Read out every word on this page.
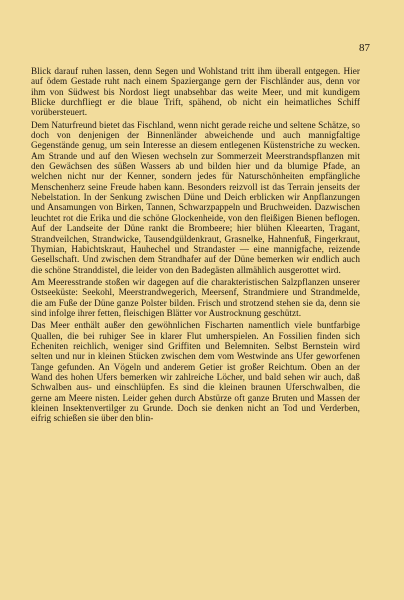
87

Blick darauf ruhen lassen, denn Segen und Wohlstand tritt ihm überall entgegen. Hier auf ödem Gestade ruht nach einem Spaziergange gern der Fischländer aus, denn vor ihm von Südwest bis Nordost liegt unabsehbar das weite Meer, und mit kundigem Blicke durchfliegt er die blaue Trift, spähend, ob nicht ein heimatliches Schiff vorübersteuert.

Dem Naturfreund bietet das Fischland, wenn nicht gerade reiche und seltene Schätze, so doch von denjenigen der Binnenländer abweichende und auch mannigfaltige Gegenstände genug, um sein Interesse an diesem entlegenen Küstenstriche zu wecken. Am Strande und auf den Wiesen wechseln zur Sommerzeit Meerstrandspflanzen mit den Gewächsen des süßen Wassers ab und bilden hier und da blumige Pfade, an welchen nicht nur der Kenner, sondern jedes für Naturschönheiten empfängliche Menschenherz seine Freude haben kann. Besonders reizvoll ist das Terrain jenseits der Nebelstation. In der Senkung zwischen Düne und Deich erblicken wir Anpflanzungen und Ansamungen von Birken, Tannen, Schwarzpappeln und Bruchweiden. Dazwischen leuchtet rot die Erika und die schöne Glockenheide, von den fleißigen Bienen beflogen. Auf der Landseite der Düne rankt die Brombeere; hier blühen Kleearten, Tragant, Strandveilchen, Strandwicke, Tausendgüldenkraut, Grasnelke, Hahnenfuß, Fingerkraut, Thymian, Habichtskraut, Hauhechel und Strandaster — eine mannigfache, reizende Gesellschaft. Und zwischen dem Strandhafer auf der Düne bemerken wir endlich auch die schöne Stranddistel, die leider von den Badegästen allmählich ausgerottet wird.

Am Meeresstrande stoßen wir dagegen auf die charakteristischen Salzpflanzen unserer Ostseeküste: Seekohl, Meerstrandwegerich, Meersenf, Strandmiere und Strandmelde, die am Fuße der Düne ganze Polster bilden. Frisch und strotzend stehen sie da, denn sie sind infolge ihrer fetten, fleischigen Blätter vor Austrocknung geschützt.

Das Meer enthält außer den gewöhnlichen Fischarten namentlich viele buntfarbige Quallen, die bei ruhiger See in klarer Flut umherspielen. An Fossilien finden sich Echeniten reichlich, weniger sind Griffiten und Belemniten. Selbst Bernstein wird selten und nur in kleinen Stücken zwischen dem vom Westwinde ans Ufer geworfenen Tange gefunden. An Vögeln und anderem Getier ist großer Reichtum. Oben an der Wand des hohen Ufers bemerken wir zahlreiche Löcher, und bald sehen wir auch, daß Schwalben aus- und einschlüpfen. Es sind die kleinen braunen Uferschwalben, die gerne am Meere nisten. Leider gehen durch Abstürze oft ganze Bruten und Massen der kleinen Insektenvertilger zu Grunde. Doch sie denken nicht an Tod und Verderben, eifrig schießen sie über den blin-
